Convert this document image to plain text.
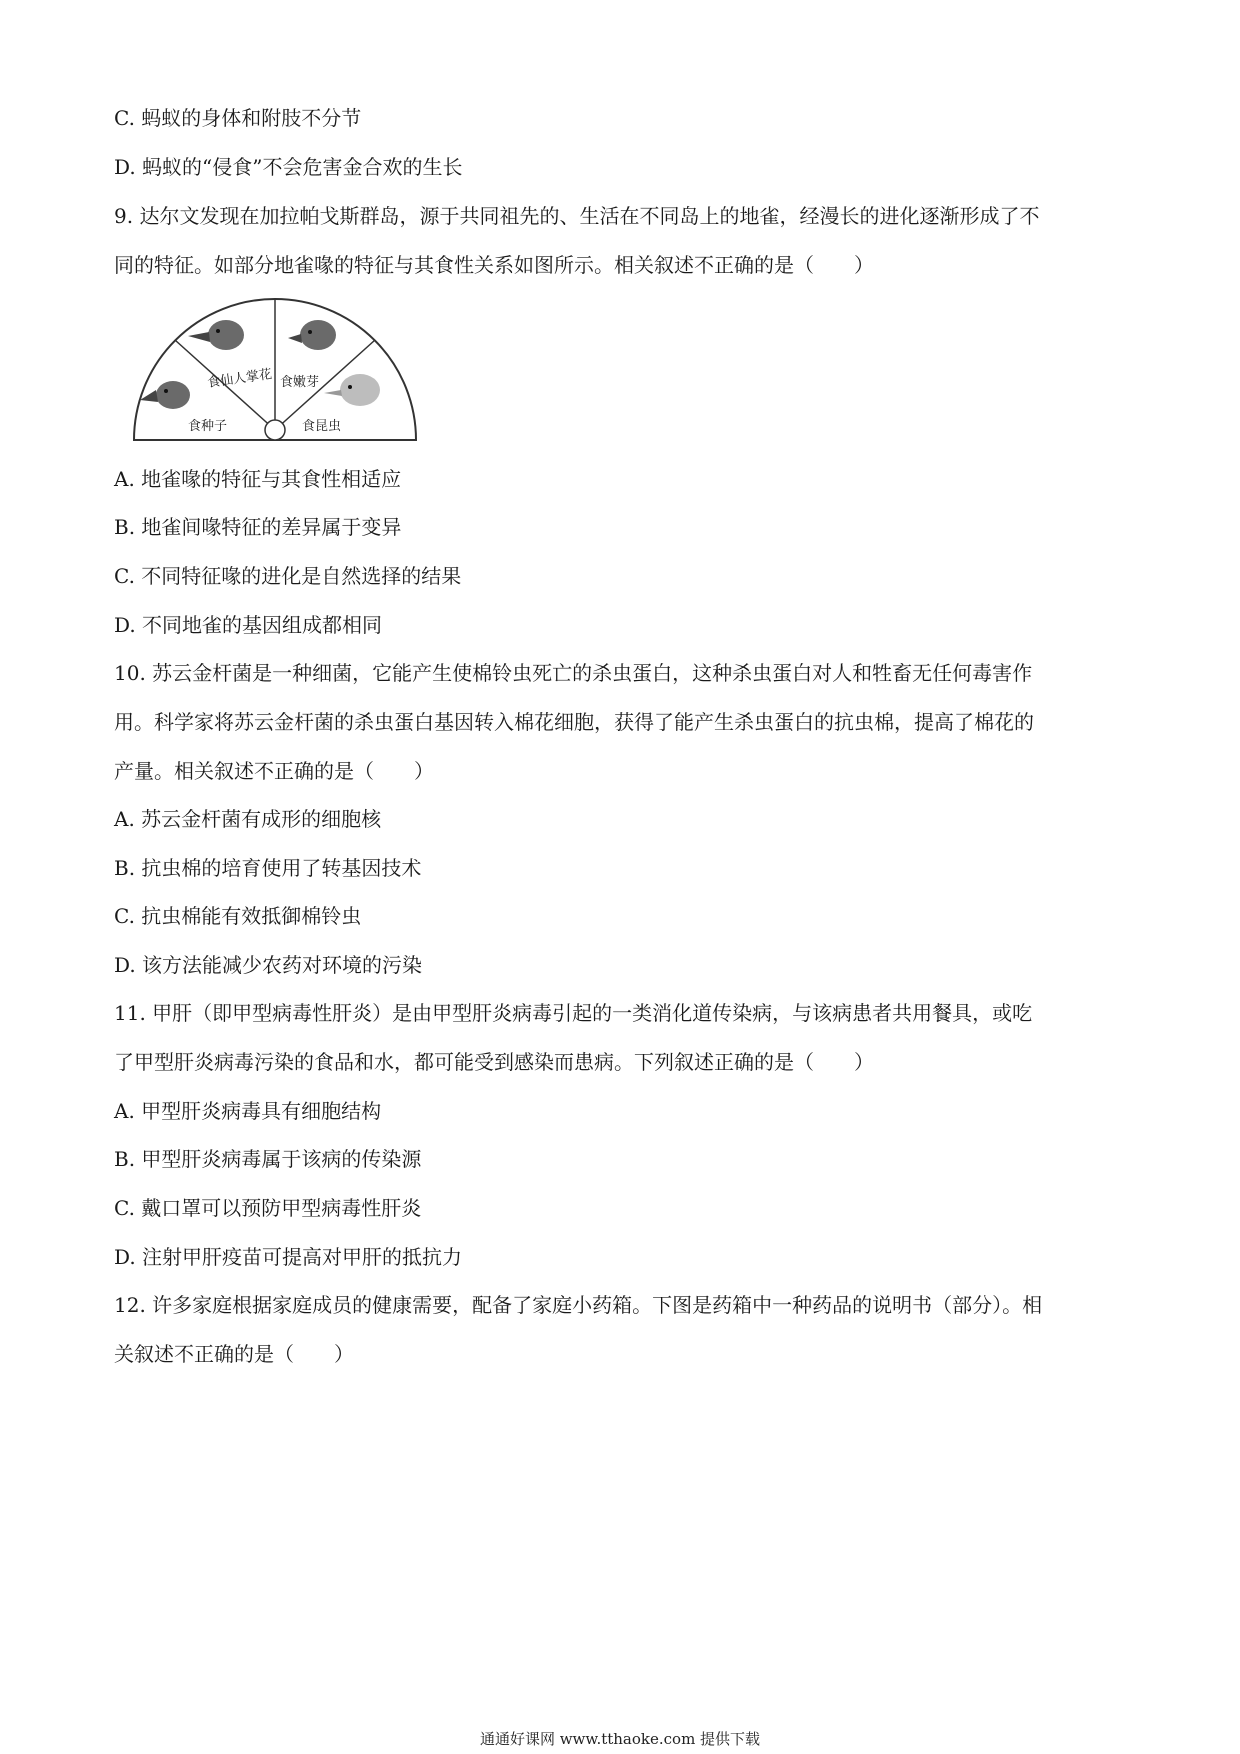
C. 蚂蚁的身体和附肢不分节
D. 蚂蚁的“侵食”不会危害金合欢的生长
9. 达尔文发现在加拉帕戈斯群岛，源于共同祖先的、生活在不同岛上的地雀，经漫长的进化逐渐形成了不
同的特征。如部分地雀喙的特征与其食性关系如图所示。相关叙述不正确的是（　　）
食种子
食仙人掌花 食嫩芽
食昆虫
A. 地雀喙的特征与其食性相适应
B. 地雀间喙特征的差异属于变异
C. 不同特征喙的进化是自然选择的结果
D. 不同地雀的基因组成都相同
10. 苏云金杆菌是一种细菌，它能产生使棉铃虫死亡的杀虫蛋白，这种杀虫蛋白对人和牲畜无任何毒害作
用。科学家将苏云金杆菌的杀虫蛋白基因转入棉花细胞，获得了能产生杀虫蛋白的抗虫棉，提高了棉花的
产量。相关叙述不正确的是（　　）
A. 苏云金杆菌有成形的细胞核
B. 抗虫棉的培育使用了转基因技术
C. 抗虫棉能有效抵御棉铃虫
D. 该方法能减少农药对环境的污染
11. 甲肝（即甲型病毒性肝炎）是由甲型肝炎病毒引起的一类消化道传染病，与该病患者共用餐具，或吃
了甲型肝炎病毒污染的食品和水，都可能受到感染而患病。下列叙述正确的是（　　）
A. 甲型肝炎病毒具有细胞结构
B. 甲型肝炎病毒属于该病的传染源
C. 戴口罩可以预防甲型病毒性肝炎
D. 注射甲肝疫苗可提高对甲肝的抵抗力
12. 许多家庭根据家庭成员的健康需要，配备了家庭小药箱。下图是药箱中一种药品的说明书（部分）。相
关叙述不正确的是（　　）
通通好课网 www.tthaoke.com 提供下载
